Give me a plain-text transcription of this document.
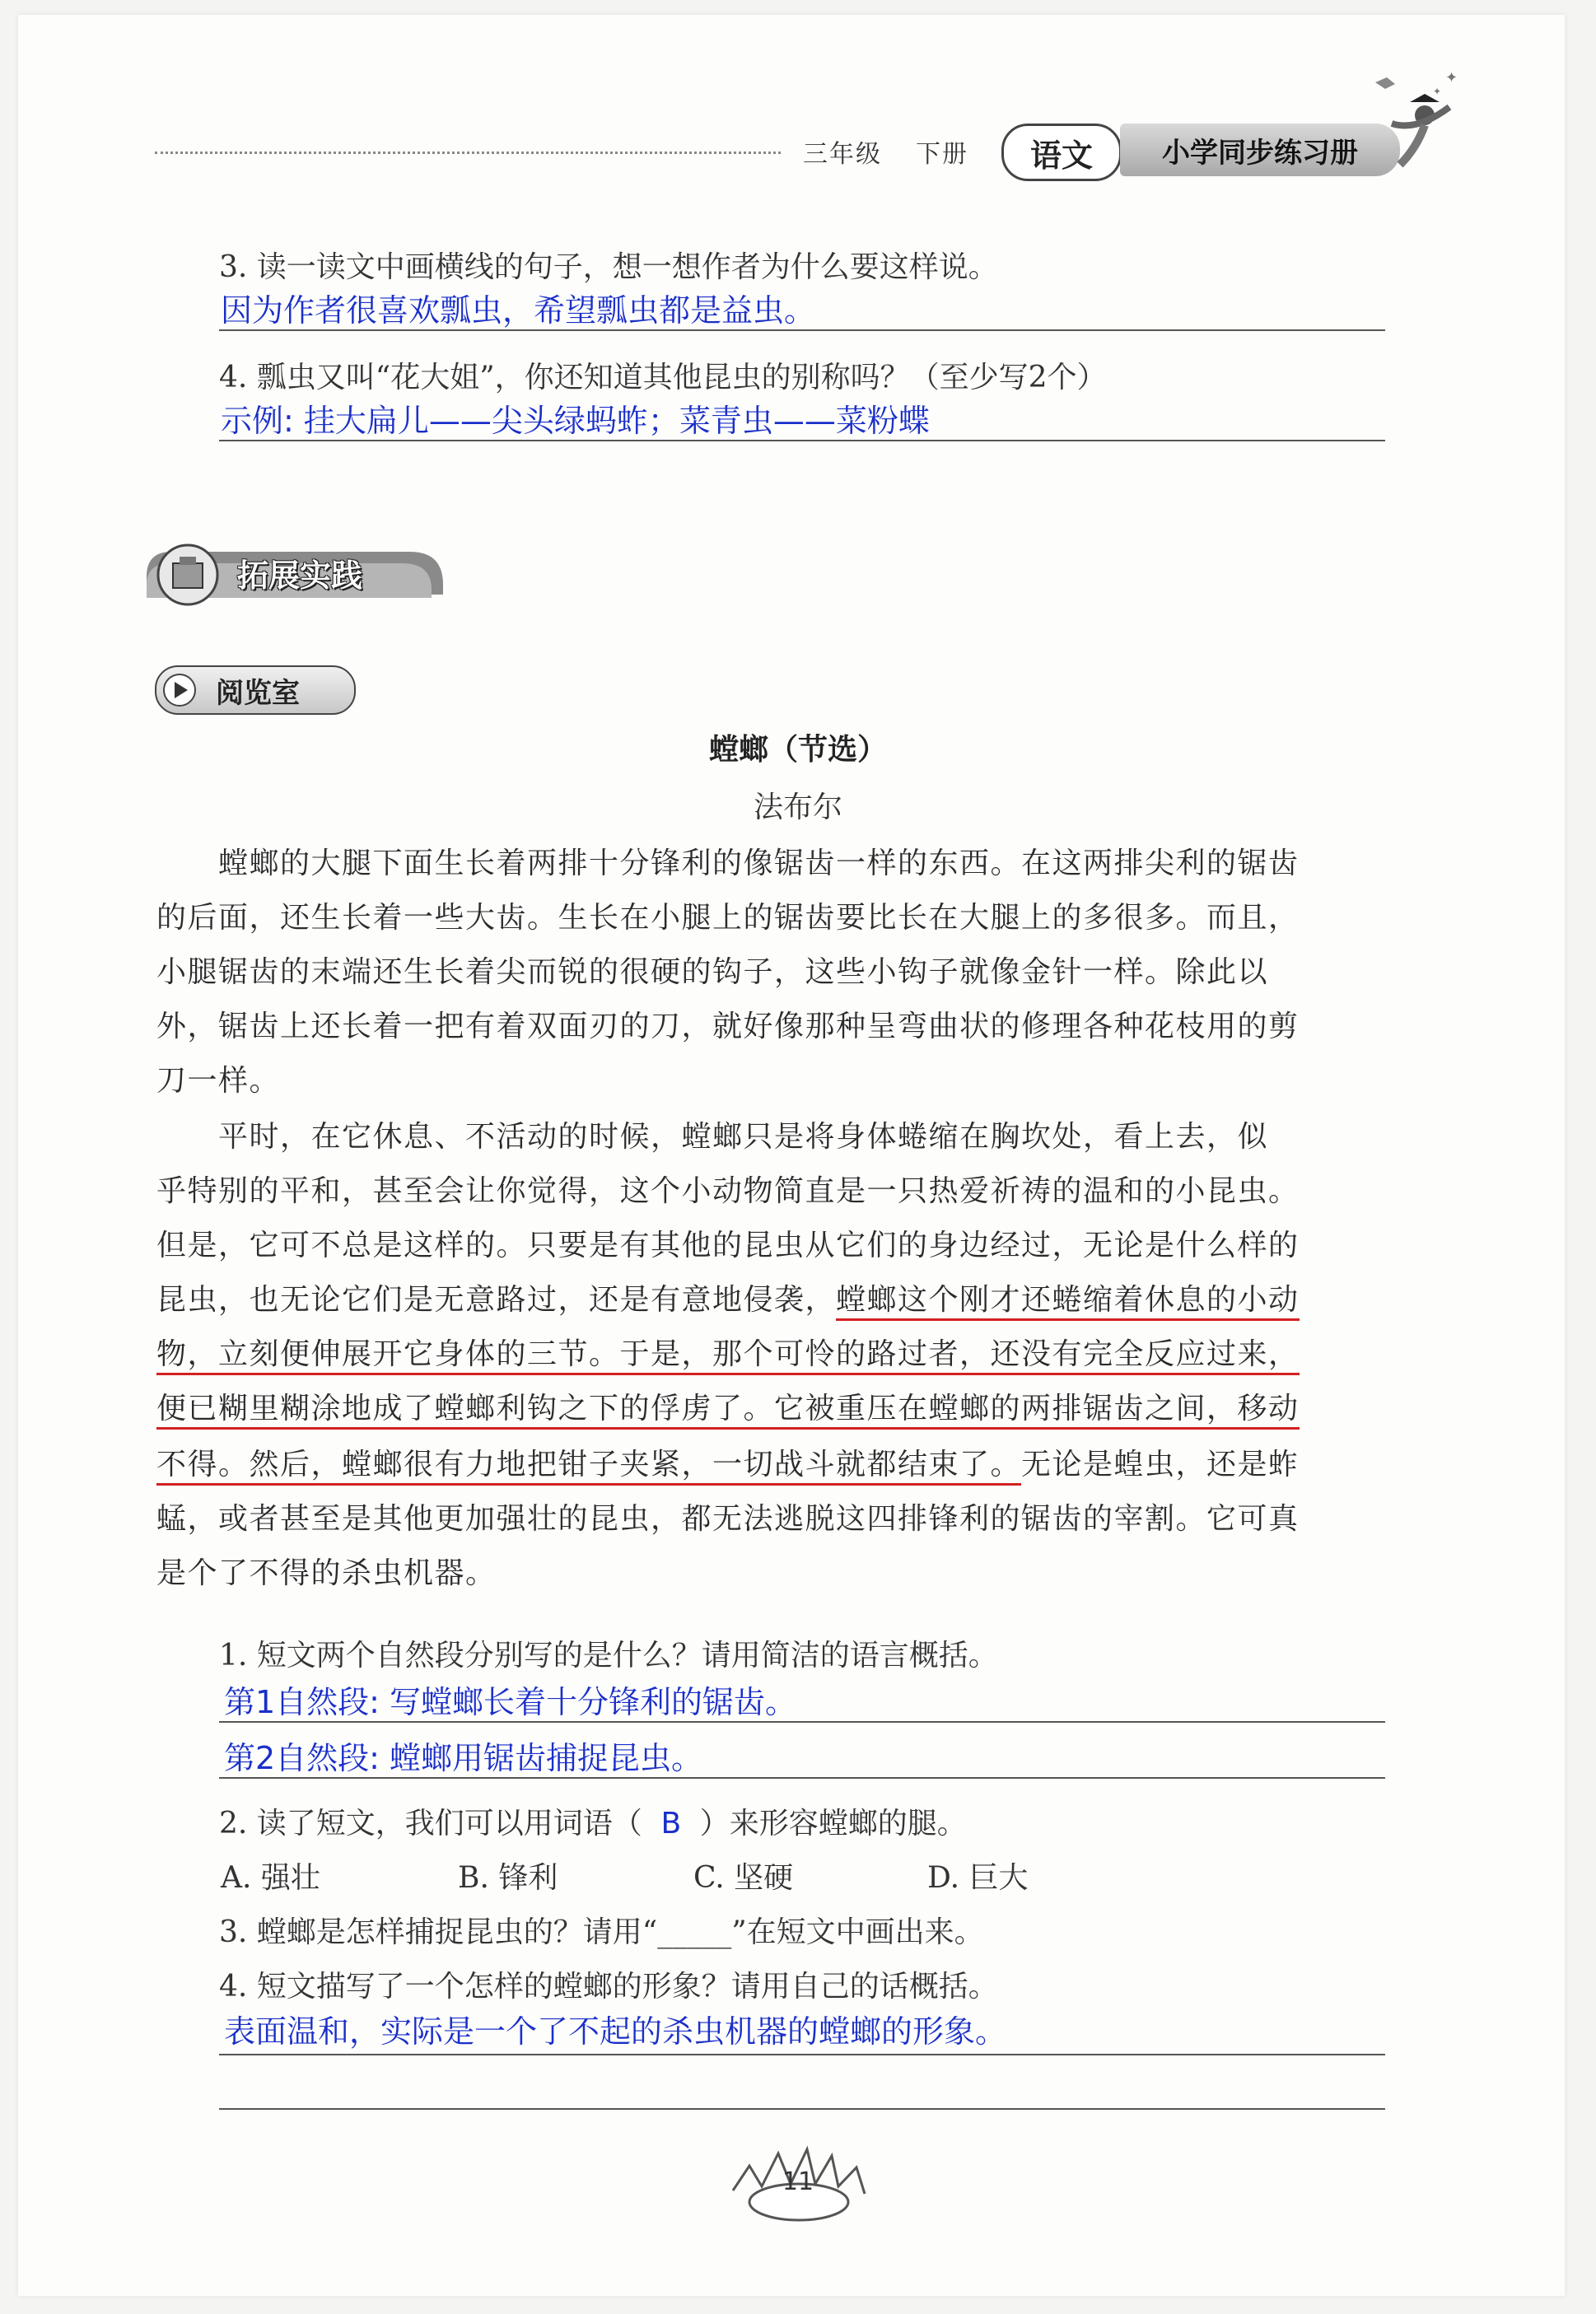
三年级 下册	语文	小学同步练习册
✦
✦
3. 读一读文中画横线的句子，想一想作者为什么要这样说。
因为作者很喜欢瓢虫，希望瓢虫都是益虫。
4. 瓢虫又叫“花大姐”，你还知道其他昆虫的别称吗？（至少写2个）
示例: 挂大扁儿——尖头绿蚂蚱；菜青虫——菜粉蝶
拓展实践
阅览室
螳螂（节选）
法布尔
　　螳螂的大腿下面生长着两排十分锋利的像锯齿一样的东西。在这两排尖利的锯齿
的后面，还生长着一些大齿。生长在小腿上的锯齿要比长在大腿上的多很多。而且，
小腿锯齿的末端还生长着尖而锐的很硬的钩子，这些小钩子就像金针一样。除此以
外，锯齿上还长着一把有着双面刃的刀，就好像那种呈弯曲状的修理各种花枝用的剪
刀一样。
　　平时，在它休息、不活动的时候，螳螂只是将身体蜷缩在胸坎处，看上去，似
乎特别的平和，甚至会让你觉得，这个小动物简直是一只热爱祈祷的温和的小昆虫。
但是，它可不总是这样的。只要是有其他的昆虫从它们的身边经过，无论是什么样的
昆虫，也无论它们是无意路过，还是有意地侵袭，螳螂这个刚才还蜷缩着休息的小动
物，立刻便伸展开它身体的三节。于是，那个可怜的路过者，还没有完全反应过来，
便已糊里糊涂地成了螳螂利钩之下的俘虏了。它被重压在螳螂的两排锯齿之间，移动
不得。然后，螳螂很有力地把钳子夹紧，一切战斗就都结束了。无论是蝗虫，还是蚱
蜢，或者甚至是其他更加强壮的昆虫，都无法逃脱这四排锋利的锯齿的宰割。它可真
是个了不得的杀虫机器。
1. 短文两个自然段分别写的是什么？请用简洁的语言概括。
第1自然段: 写螳螂长着十分锋利的锯齿。
第2自然段: 螳螂用锯齿捕捉昆虫。
2. 读了短文，我们可以用词语（ B ）来形容螳螂的腿。
A. 强壮	B. 锋利	C. 坚硬	D. 巨大
3. 螳螂是怎样捕捉昆虫的？请用“_____”在短文中画出来。
4. 短文描写了一个怎样的螳螂的形象？请用自己的话概括。
表面温和，实际是一个了不起的杀虫机器的螳螂的形象。
11
